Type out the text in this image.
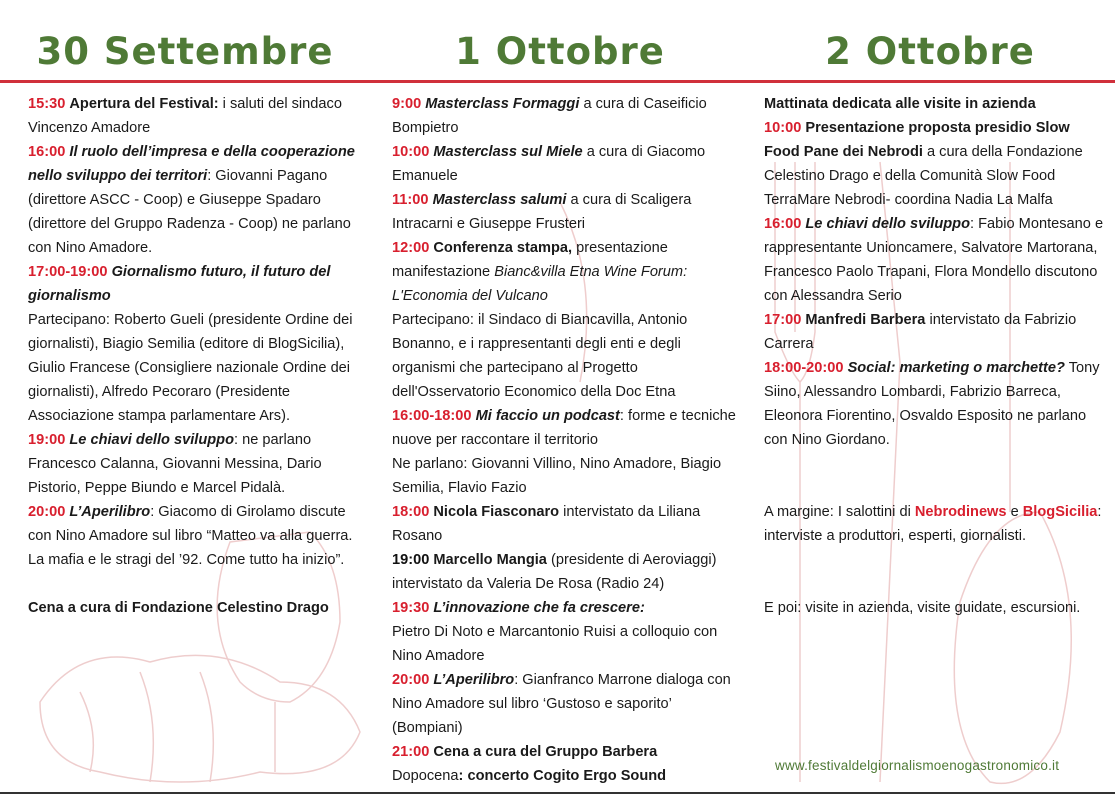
30 Settembre	1 Ottobre	2 Ottobre

15:30 Apertura del Festival: i saluti del sindaco Vincenzo Amadore

16:00 Il ruolo dell’impresa e della cooperazione nello sviluppo dei territori: Giovanni Pagano (direttore ASCC - Coop) e Giuseppe Spadaro (direttore del Gruppo Radenza - Coop) ne parlano con Nino Amadore.

17:00-19:00 Giornalismo futuro, il futuro del giornalismo
Partecipano: Roberto Gueli (presidente Ordine dei giornalisti), Biagio Semilia (editore di BlogSicilia), Giulio Francese (Consigliere nazionale Ordine dei giornalisti), Alfredo Pecoraro (Presidente Associazione stampa parlamentare Ars).

19:00 Le chiavi dello sviluppo: ne parlano Francesco Calanna, Giovanni Messina, Dario Pistorio, Peppe Biundo e Marcel Pidalà.

20:00 L’Aperilibro: Giacomo di Girolamo discute con Nino Amadore sul libro “Matteo va alla guerra. La mafia e le stragi del ’92. Come tutto ha inizio”.

Cena a cura di Fondazione Celestino Drago

9:00 Masterclass Formaggi a cura di Caseificio Bompietro

10:00 Masterclass sul Miele a cura di Giacomo Emanuele

11:00 Masterclass salumi a cura di Scaligera Intracarni e Giuseppe Frusteri

12:00 Conferenza stampa, presentazione manifestazione Bianc&villa Etna Wine Forum: L'Economia del Vulcano
Partecipano: il Sindaco di Biancavilla, Antonio Bonanno, e i rappresentanti degli enti e degli organismi che partecipano al Progetto dell'Osservatorio Economico della Doc Etna

16:00-18:00 Mi faccio un podcast: forme e tecniche nuove per raccontare il territorio
Ne parlano: Giovanni Villino, Nino Amadore, Biagio Semilia, Flavio Fazio

18:00 Nicola Fiasconaro intervistato da Liliana Rosano

19:00 Marcello Mangia (presidente di Aeroviaggi) intervistato da Valeria De Rosa (Radio 24)

19:30 L’innovazione che fa crescere:
Pietro Di Noto e Marcantonio Ruisi a colloquio con Nino Amadore

20:00 L’Aperilibro: Gianfranco Marrone dialoga con Nino Amadore sul libro ‘Gustoso e saporito’ (Bompiani)

21:00 Cena a cura del Gruppo Barbera

Dopocena: concerto Cogito Ergo Sound

Mattinata dedicata alle visite in azienda

10:00 Presentazione proposta presidio Slow Food Pane dei Nebrodi a cura della Fondazione Celestino Drago e della Comunità Slow Food TerraMare Nebrodi- coordina Nadia La Malfa

16:00 Le chiavi dello sviluppo: Fabio Montesano e rappresentante Unioncamere, Salvatore Martorana, Francesco Paolo Trapani, Flora Mondello discutono con Alessandra Serio

17:00 Manfredi Barbera intervistato da Fabrizio Carrera

18:00-20:00 Social: marketing o marchette? Tony Siino, Alessandro Lombardi, Fabrizio Barreca, Eleonora Fiorentino, Osvaldo Esposito ne parlano con Nino Giordano.

A margine: I salottini di Nebrodinews e BlogSicilia: interviste a produttori, esperti, giornalisti.

E poi: visite in azienda, visite guidate, escursioni.

www.festivaldelgiornalismoenogastronomico.it
